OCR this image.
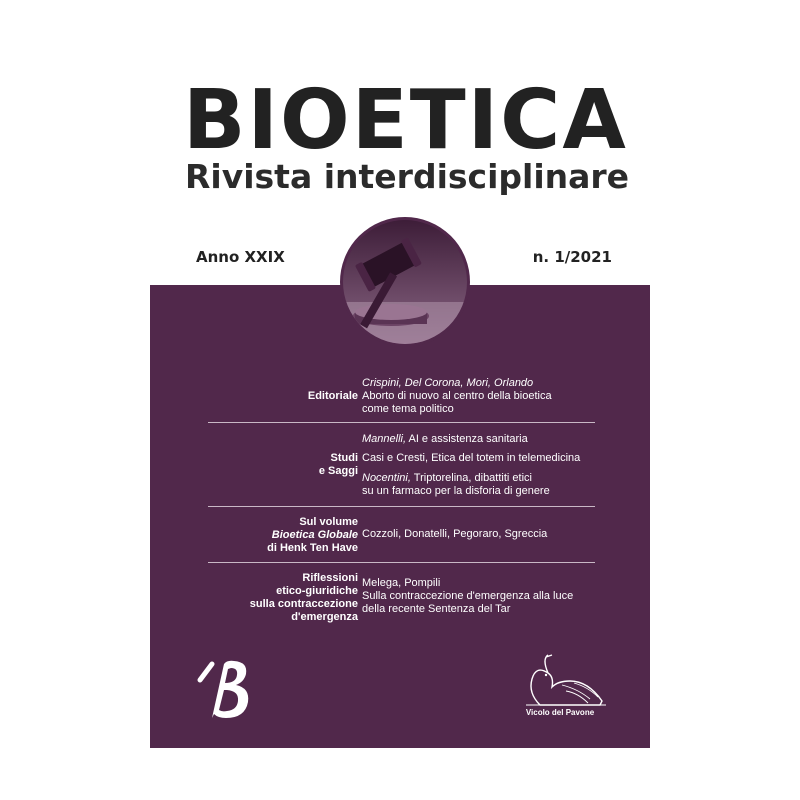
BIOETICA
Rivista interdisciplinare
Anno XXIX	n. 1/2021
Editoriale
Crispini, Del Corona, Mori, Orlando
Aborto di nuovo al centro della bioetica
come tema politico
Studi
e Saggi
Mannelli, AI e assistenza sanitaria
Casi e Cresti, Etica del totem in telemedicina
Nocentini, Triptorelina, dibattiti etici
su un farmaco per la disforia di genere
Sul volume
Bioetica Globale
di Henk Ten Have
Cozzoli, Donatelli, Pegoraro, Sgreccia
Riflessioni
etico-giuridiche
sulla contraccezione
d'emergenza
Melega, Pompili
Sulla contraccezione d'emergenza alla luce
della recente Sentenza del Tar
Vicolo del Pavone
